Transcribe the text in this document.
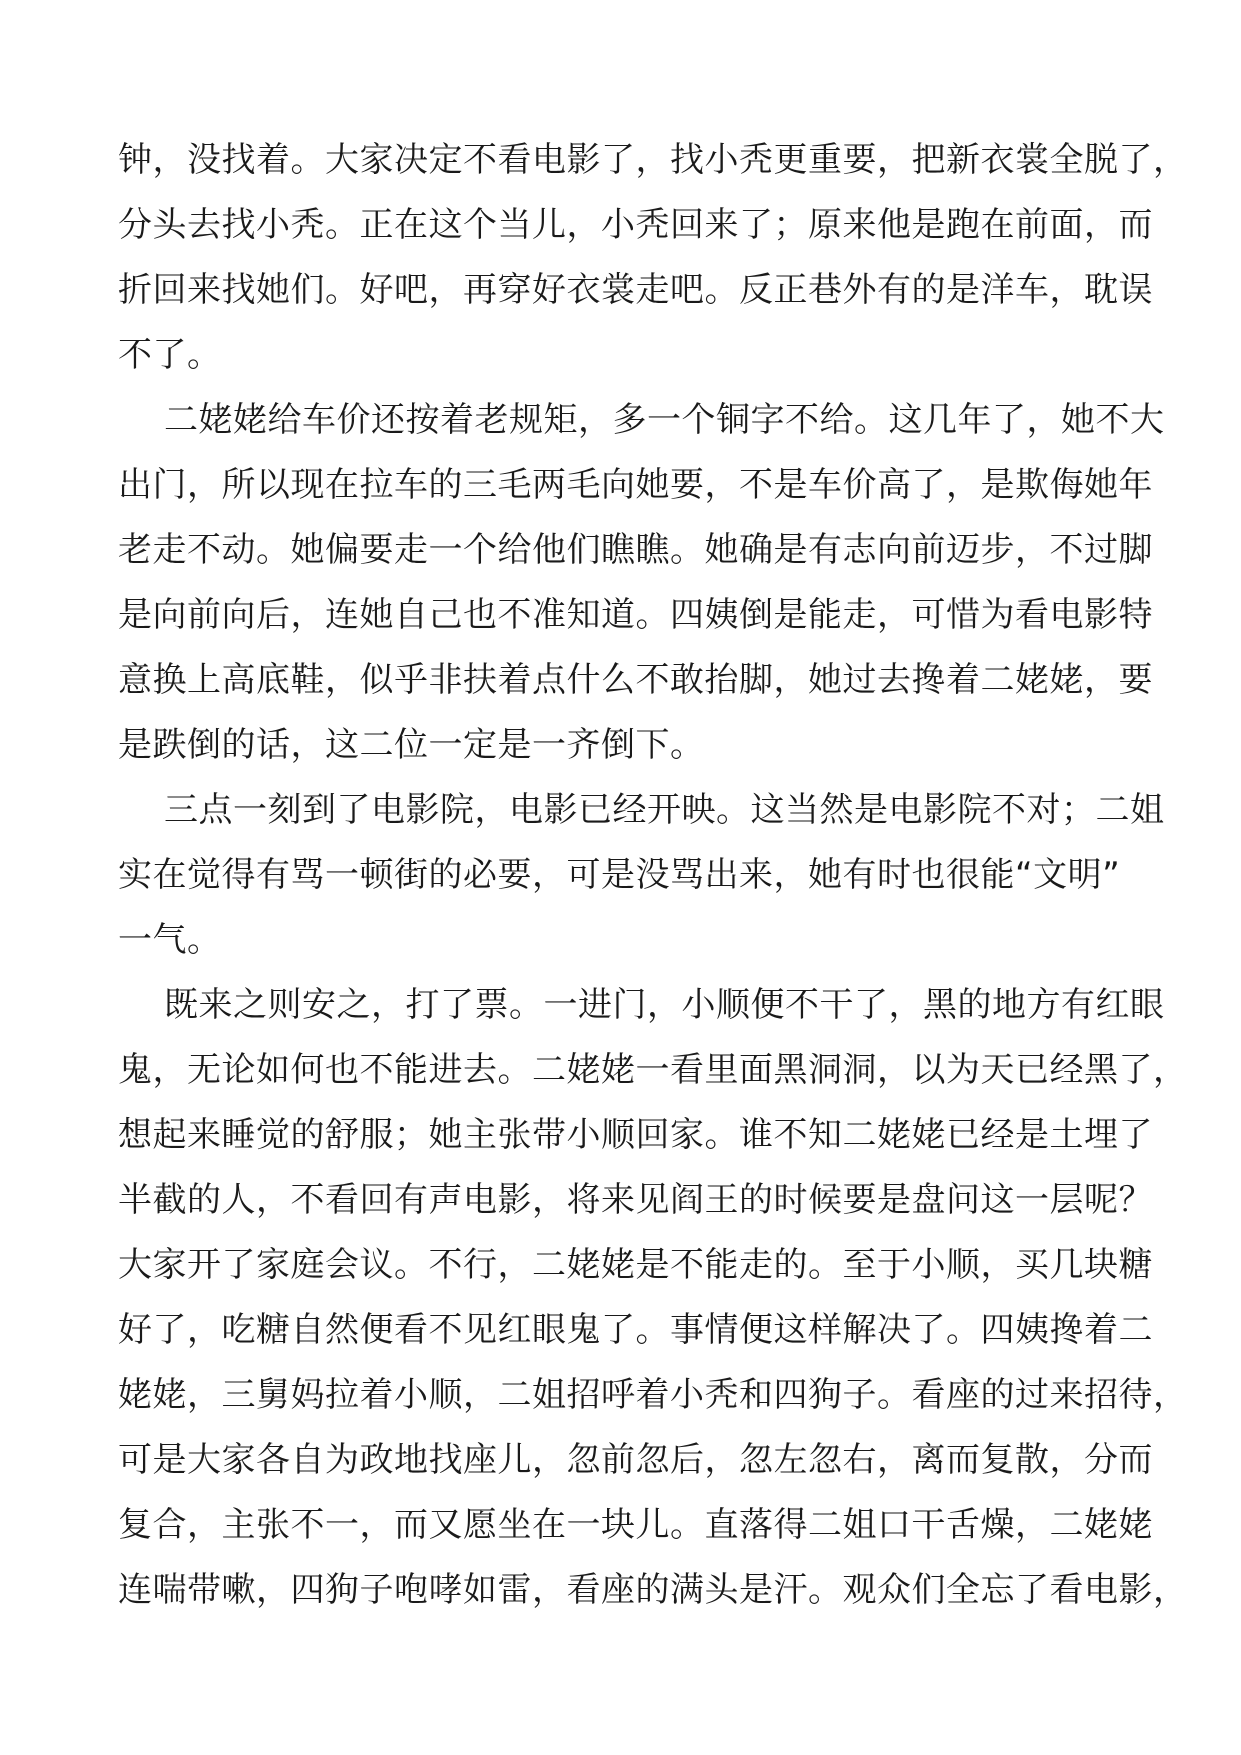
钟，没找着。大家决定不看电影了，找小秃更重要，把新衣裳全脱了，
分头去找小秃。正在这个当儿，小秃回来了；原来他是跑在前面，而
折回来找她们。好吧，再穿好衣裳走吧。反正巷外有的是洋车，耽误
不了。
二姥姥给车价还按着老规矩，多一个铜字不给。这几年了，她不大
出门，所以现在拉车的三毛两毛向她要，不是车价高了，是欺侮她年
老走不动。她偏要走一个给他们瞧瞧。她确是有志向前迈步，不过脚
是向前向后，连她自己也不准知道。四姨倒是能走，可惜为看电影特
意换上高底鞋，似乎非扶着点什么不敢抬脚，她过去搀着二姥姥，要
是跌倒的话，这二位一定是一齐倒下。
三点一刻到了电影院，电影已经开映。这当然是电影院不对；二姐
实在觉得有骂一顿街的必要，可是没骂出来，她有时也很能“文明”
一气。
既来之则安之，打了票。一进门，小顺便不干了，黑的地方有红眼
鬼，无论如何也不能进去。二姥姥一看里面黑洞洞，以为天已经黑了，
想起来睡觉的舒服；她主张带小顺回家。谁不知二姥姥已经是土埋了
半截的人，不看回有声电影，将来见阎王的时候要是盘问这一层呢？
大家开了家庭会议。不行，二姥姥是不能走的。至于小顺，买几块糖
好了，吃糖自然便看不见红眼鬼了。事情便这样解决了。四姨搀着二
姥姥，三舅妈拉着小顺，二姐招呼着小秃和四狗子。看座的过来招待，
可是大家各自为政地找座儿，忽前忽后，忽左忽右，离而复散，分而
复合，主张不一，而又愿坐在一块儿。直落得二姐口干舌燥，二姥姥
连喘带嗽，四狗子咆哮如雷，看座的满头是汗。观众们全忘了看电影，
